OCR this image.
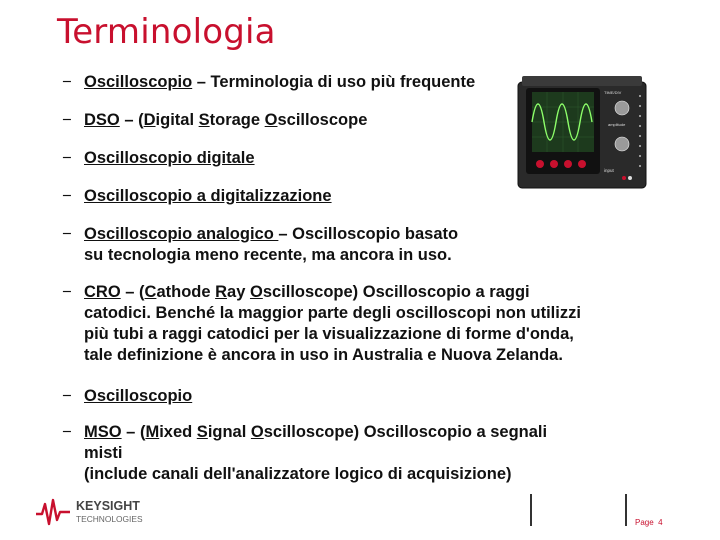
Terminologia
− Oscilloscopio – Terminologia di uso più frequente
− DSO – (Digital Storage Oscilloscope
− Oscilloscopio digitale
− Oscilloscopio a digitalizzazione
− Oscilloscopio analogico – Oscilloscopio basato
su tecnologia meno recente, ma ancora in uso.
− CRO – (Cathode Ray Oscilloscope) Oscilloscopio a raggi
catodici. Benché la maggior parte degli oscilloscopi non utilizzi
più tubi a raggi catodici per la visualizzazione di forme d'onda,
tale definizione è ancora in uso in Australia e Nuova Zelanda.
− Oscilloscopio
− MSO – (Mixed Signal Oscilloscope) Oscilloscopio a segnali
misti
(include canali dell'analizzatore logico di acquisizione)
TIME/DIV
amplitude
input
KEYSIGHT
TECHNOLOGIES	Page 4
